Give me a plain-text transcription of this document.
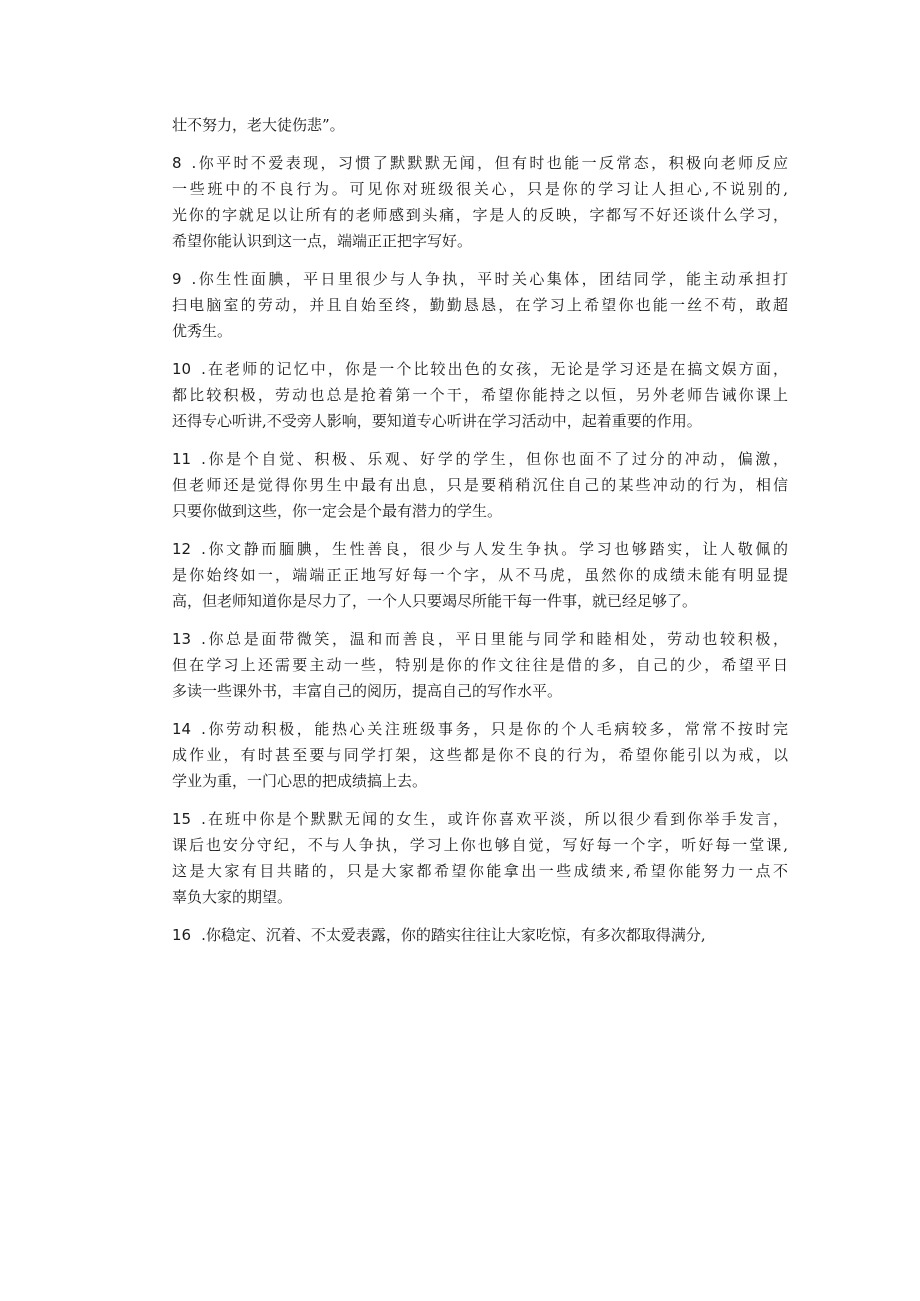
壮不努力，老大徒伤悲”。
8 .你平时不爱表现，习惯了默默默无闻，但有时也能一反常态，积极向老师反应
一些班中的不良行为。可见你对班级很关心，只是你的学习让人担心,不说别的,
光你的字就足以让所有的老师感到头痛，字是人的反映，字都写不好还谈什么学习，
希望你能认识到这一点，端端正正把字写好。
9 .你生性面腆，平日里很少与人争执，平时关心集体，团结同学，能主动承担打
扫电脑室的劳动，并且自始至终，勤勤恳恳，在学习上希望你也能一丝不苟，敢超
优秀生。
10 .在老师的记忆中，你是一个比较出色的女孩，无论是学习还是在搞文娱方面，
都比较积极，劳动也总是抢着第一个干，希望你能持之以恒，另外老师告诫你课上
还得专心听讲,不受旁人影响，要知道专心听讲在学习活动中，起着重要的作用。
11 .你是个自觉、积极、乐观、好学的学生，但你也面不了过分的冲动，偏激，
但老师还是觉得你男生中最有出息，只是要稍稍沉住自己的某些冲动的行为，相信
只要你做到这些，你一定会是个最有潜力的学生。
12 .你文静而腼腆，生性善良，很少与人发生争执。学习也够踏实，让人敬佩的
是你始终如一，端端正正地写好每一个字，从不马虎，虽然你的成绩未能有明显提
高，但老师知道你是尽力了，一个人只要竭尽所能干每一件事，就已经足够了。
13 .你总是面带微笑，温和而善良，平日里能与同学和睦相处，劳动也较积极，
但在学习上还需要主动一些，特别是你的作文往往是借的多，自己的少，希望平日
多读一些课外书，丰富自己的阅历，提高自己的写作水平。
14 .你劳动积极，能热心关注班级事务，只是你的个人毛病较多，常常不按时完
成作业，有时甚至要与同学打架，这些都是你不良的行为，希望你能引以为戒，以
学业为重，一门心思的把成绩搞上去。
15 .在班中你是个默默无闻的女生，或许你喜欢平淡，所以很少看到你举手发言，
课后也安分守纪，不与人争执，学习上你也够自觉，写好每一个字，听好每一堂课,
这是大家有目共睹的，只是大家都希望你能拿出一些成绩来,希望你能努力一点不
辜负大家的期望。
16 .你稳定、沉着、不太爱表露，你的踏实往往让大家吃惊，有多次都取得满分,
